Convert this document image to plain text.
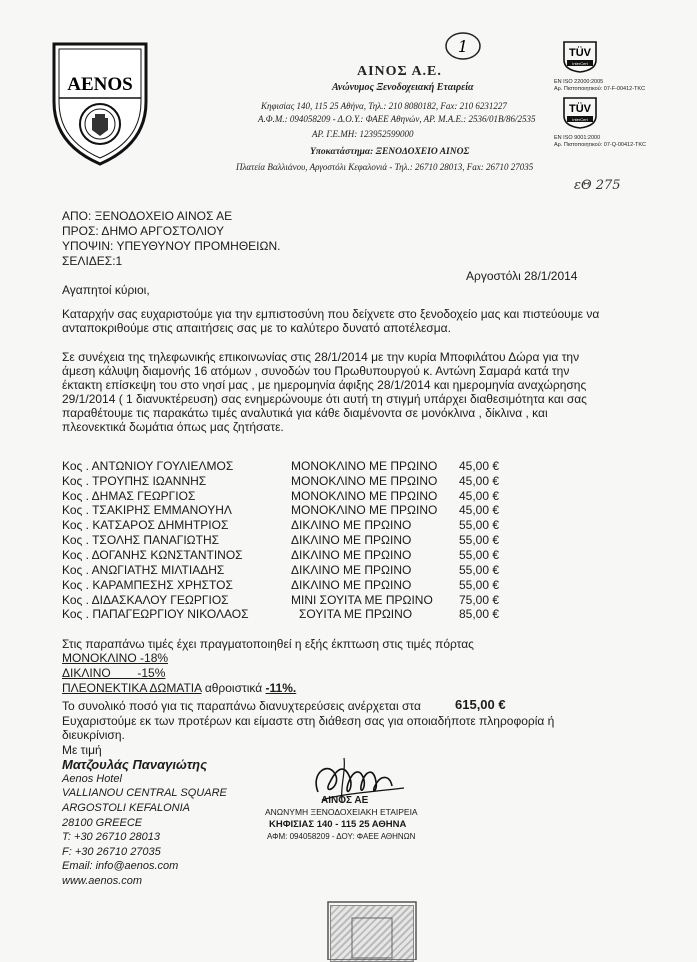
AENOS
ΑΙΝΟΣ Α.Ε.
Ανώνυμος Ξενοδοχειακή Εταιρεία
Κηφισίας 140, 115 25 Αθήνα, Τηλ.: 210 8080182, Fax: 210 6231227
Α.Φ.Μ.: 094058209 - Δ.Ο.Υ.: ΦΑΕΕ Αθηνών, ΑΡ. Μ.Α.Ε.: 2536/01Β/86/2535
ΑΡ. Γ.Ε.ΜΗ: 123952599000
Υποκατάστημα: ΞΕΝΟΔΟΧΕΙΟ ΑΙΝΟΣ
Πλατεία Βαλλιάνου, Αργοστόλι Κεφαλονιά - Τηλ.: 26710 28013, Fax: 26710 27035
1
εΘ 275
TÜV
InterCert
EN ISO 22000:2005
Αρ. Πιστοποιητικού: 07-F-00412-ΤΚC
TÜV
InterCert
EN ISO 9001:2000
Αρ. Πιστοποιητικού: 07-Q-00412-ΤΚC
ΑΠΟ: ΞΕΝΟΔΟΧΕΙΟ ΑΙΝΟΣ ΑΕ
ΠΡΟΣ: ΔΗΜΟ ΑΡΓΟΣΤΟΛΙΟΥ
ΥΠΟΨΙΝ: ΥΠΕΥΘΥΝΟΥ ΠΡΟΜΗΘΕΙΩΝ.
ΣΕΛΙΔΕΣ:1
Αργοστόλι 28/1/2014
Αγαπητοί κύριοι,
Καταρχήν σας ευχαριστούμε για την εμπιστοσύνη που δείχνετε στο ξενοδοχείο μας και πιστεύουμε να
ανταποκριθούμε στις απαιτήσεις σας με το καλύτερο δυνατό αποτέλεσμα.
Σε συνέχεια της τηλεφωνικής επικοινωνίας στις 28/1/2014 με την κυρία Μποφιλάτου Δώρα για την
άμεση κάλυψη διαμονής 16 ατόμων , συνοδών του Πρωθυπουργού κ. Αντώνη Σαμαρά κατά την
έκτακτη επίσκεψη του στο νησί μας , με ημερομηνία άφιξης 28/1/2014 και ημερομηνία αναχώρησης
29/1/2014 ( 1 διανυκτέρευση) σας ενημερώνουμε ότι αυτή τη στιγμή υπάρχει διαθεσιμότητα και σας
παραθέτουμε τις παρακάτω τιμές αναλυτικά για κάθε διαμένοντα σε μονόκλινα , δίκλινα , και
πλεονεκτικά δωμάτια όπως μας ζητήσατε.
Κος . ΑΝΤΩΝΙΟΥ ΓΟΥΛΙΕΛΜΟΣ	ΜΟΝΟΚΛΙΝΟ ΜΕ ΠΡΩΙΝΟ 45,00 €
Κος . ΤΡΟΥΠΗΣ ΙΩΑΝΝΗΣ	ΜΟΝΟΚΛΙΝΟ ΜΕ ΠΡΩΙΝΟ 45,00 €
Κος . ΔΗΜΑΣ ΓΕΩΡΓΙΟΣ	ΜΟΝΟΚΛΙΝΟ ΜΕ ΠΡΩΙΝΟ 45,00 €
Κος . ΤΣΑΚΙΡΗΣ ΕΜΜΑΝΟΥΗΛ	ΜΟΝΟΚΛΙΝΟ ΜΕ ΠΡΩΙΝΟ 45,00 €
Κος . ΚΑΤΣΑΡΟΣ ΔΗΜΗΤΡΙΟΣ	ΔΙΚΛΙΝΟ ΜΕ ΠΡΩΙΝΟ	55,00 €
Κος . ΤΣΟΛΗΣ ΠΑΝΑΓΙΩΤΗΣ	ΔΙΚΛΙΝΟ ΜΕ ΠΡΩΙΝΟ	55,00 €
Κος . ΔΟΓΑΝΗΣ ΚΩΝΣΤΑΝΤΙΝΟΣ	ΔΙΚΛΙΝΟ ΜΕ ΠΡΩΙΝΟ	55,00 €
Κος . ΑΝΩΓΙΑΤΗΣ ΜΙΛΤΙΑΔΗΣ	ΔΙΚΛΙΝΟ ΜΕ ΠΡΩΙΝΟ	55,00 €
Κος . ΚΑΡΑΜΠΕΣΗΣ ΧΡΗΣΤΟΣ	ΔΙΚΛΙΝΟ ΜΕ ΠΡΩΙΝΟ	55,00 €
Κος . ΔΙΔΑΣΚΑΛΟΥ ΓΕΩΡΓΙΟΣ	ΜΙΝΙ ΣΟΥΙΤΑ ΜΕ ΠΡΩΙΝΟ 75,00 €
Κος . ΠΑΠΑΓΕΩΡΓΙΟΥ ΝΙΚΟΛΑΟΣ	ΣΟΥΙΤΑ ΜΕ ΠΡΩΙΝΟ	85,00 €
Στις παραπάνω τιμές έχει πραγματοποιηθεί η εξής έκπτωση στις τιμές πόρτας
ΜΟΝΟΚΛΙΝΟ -18%
ΔΙΚΛΙΝΟ        -15%
ΠΛΕΟΝΕΚΤΙΚΑ ΔΩΜΑΤΙΑ αθροιστικά -11%.
Το συνολικό ποσό για τις παραπάνω διανυχτερεύσεις ανέρχεται στα	615,00 €
Ευχαριστούμε εκ των προτέρων και είμαστε στη διάθεση σας για οποιαδήποτε πληροφορία ή
διευκρίνιση.
Με τιμή
Ματζουλάς Παναγιώτης
Aenos Hotel
VALLIANOU CENTRAL SQUARE
ARGOSTOLI KEFALONIA
28100 GREECE
T: +30 26710 28013
F: +30 26710 27035
Email: info@aenos.com
www.aenos.com
ΑΙΝΟΣ ΑΕ
ΑΝΩΝΥΜΗ ΞΕΝΟΔΟΧΕΙΑΚΗ ΕΤΑΙΡΕΙΑ
ΚΗΦΙΣΙΑΣ 140 - 115 25 ΑΘΗΝΑ
ΑΦΜ: 094058209 - ΔΟΥ: ΦΑΕΕ ΑΘΗΝΩΝ
